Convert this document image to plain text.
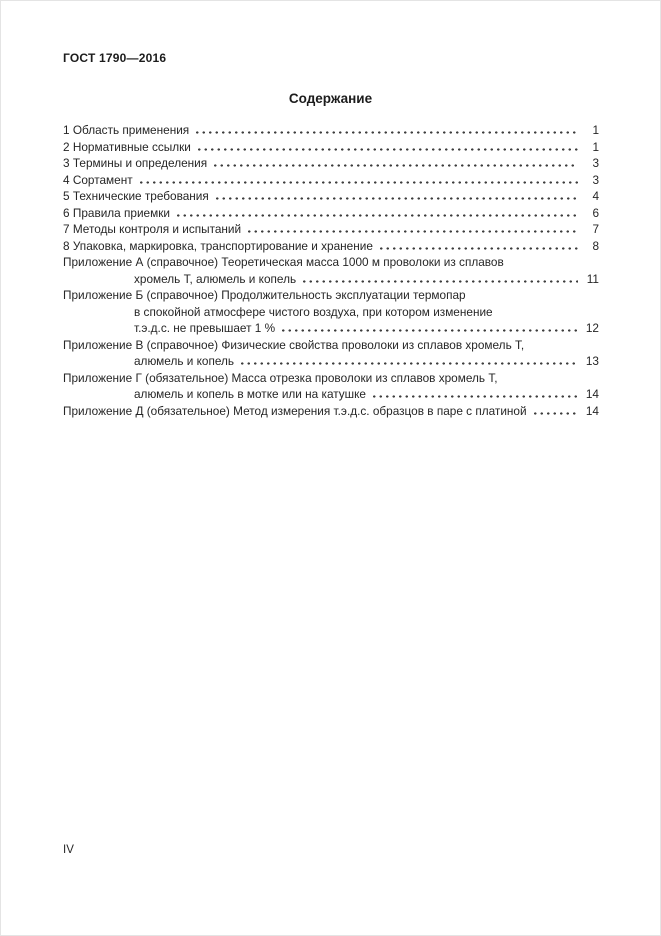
ГОСТ 1790—2016
Содержание
1 Область применения	1
2 Нормативные ссылки	1
3 Термины и определения	3
4 Сортамент	3
5 Технические требования	4
6 Правила приемки	6
7 Методы контроля и испытаний	7
8 Упаковка, маркировка, транспортирование и хранение	8
Приложение А (справочное) Теоретическая масса 1000 м проволоки из сплавов
хромель Т, алюмель и копель	11
Приложение Б (справочное) Продолжительность эксплуатации термопар
в спокойной атмосфере чистого воздуха, при котором изменение
т.э.д.с. не превышает 1 %	12
Приложение В (справочное) Физические свойства проволоки из сплавов хромель Т,
алюмель и копель	13
Приложение Г (обязательное) Масса отрезка проволоки из сплавов хромель Т,
алюмель и копель в мотке или на катушке	14
Приложение Д (обязательное) Метод измерения т.э.д.с. образцов в паре с платиной	14
IV
